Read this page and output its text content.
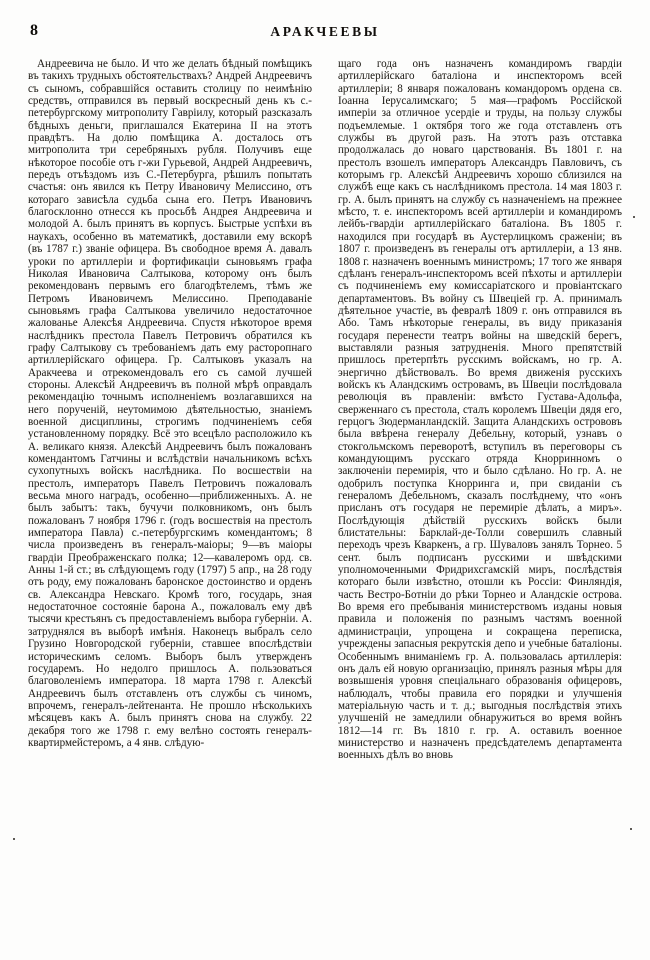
8	АРАКЧЕЕВЫ

Андреевича не было. И что же делать бѣдный помѣщикъ въ такихъ трудныхъ обстоятельствахъ? Андрей Андреевичъ съ сыномъ, собравшійся оставить столицу по неимѣнію средствъ, отправился въ первый воскресный день къ с.-петербургскому митрополиту Гавріилу, который разсказалъ бѣдныхъ деньги, приглашался Екатерина II на этотъ правдѣтъ. На долю помѣщика А. досталось отъ митрополита три серебряныхъ рубля. Получивъ еще нѣкоторое пособіе отъ г-жи Гурьевой, Андрей Андреевичъ, передъ отъѣздомъ изъ С.-Петербурга, рѣшилъ попытать счастья: онъ явился къ Петру Ивановичу Мелиссино, отъ котораго зависѣла судьба сына его. Петръ Ивановичъ благосклонно отнесся къ просьбѣ Андрея Андреевича и молодой А. былъ принятъ въ корпусъ. Быстрые успѣхи въ наукахъ, особенно въ математикѣ, доставили ему вскорѣ (въ 1787 г.) званіе офицера. Въ свободное время А. давалъ уроки по артиллеріи и фортификаціи сыновьямъ графа Николая Ивановича Салтыкова, которому онъ былъ рекомендованъ первымъ его благодѣтелемъ, тѣмъ же Петромъ Ивановичемъ Мелиссино. Преподаваніе сыновьямъ графа Салтыкова увеличило недостаточное жалованье Алексѣя Андреевича. Спустя нѣкоторое время наслѣдникъ престола Павелъ Петровичъ обратился къ графу Салтыкову съ требованіемъ дать ему расторопнаго артиллерійскаго офицера. Гр. Салтыковъ указалъ на Аракчеева и отрекомендовалъ его съ самой лучшей стороны. Алексѣй Андреевичъ въ полной мѣрѣ оправдалъ рекомендацію точнымъ исполненіемъ возлагавшихся на него порученій, неутомимою дѣятельностью, знаніемъ военной дисциплины, строгимъ подчиненіемъ себя установленному порядку. Всё это всецѣло расположило къ А. великаго князя. Алексѣй Андреевичъ былъ пожалованъ комендантомъ Гатчины и вслѣдствіи начальникомъ всѣхъ сухопутныхъ войскъ наслѣдника. По восшествіи на престолъ, императоръ Павелъ Петровичъ пожаловалъ весьма много наградъ, особенно—приближенныхъ. А. не былъ забытъ: такъ, бучучи полковникомъ, онъ былъ пожалованъ 7 ноября 1796 г. (годъ восшествія на престолъ императора Павла) с.-петербургскимъ комендантомъ; 8 числа произведенъ въ генералъ-маіоры; 9—въ маіоры гвардіи Преображенскаго полка; 12—кавалеромъ орд. св. Анны 1-й ст.; въ слѣдующемъ году (1797) 5 апр., на 28 году отъ роду, ему пожалованъ баронское достоинство и орденъ св. Александра Невскаго. Кромѣ того, государь, зная недостаточное состояніе барона А., пожаловалъ ему двѣ тысячи крестьянъ съ предоставленіемъ выбора губерніи. А. затруднялся въ выборѣ имѣнія. Наконецъ выбралъ село Грузино Новгородской губерніи, ставшее впослѣдствіи историческимъ селомъ. Выборъ былъ утвержденъ государемъ. Но недолго пришлось А. пользоваться благоволеніемъ императора. 18 марта 1798 г. Алексѣй Андреевичъ былъ отставленъ отъ службы съ чиномъ, впрочемъ, генералъ-лейтенанта. Не прошло нѣсколькихъ мѣсяцевъ какъ А. былъ принятъ снова на службу. 22 декабря того же 1798 г. ему велѣно состоять генералъ-квартирмейстеромъ, а 4 янв. слѣдую-

щаго года онъ назначенъ командиромъ гвардіи артиллерійскаго баталіона и инспекторомъ всей артиллеріи; 8 января пожалованъ командоромъ ордена св. Іоанна Іерусалимскаго; 5 мая—графомъ Россійской имперіи за отличное усердіе и труды, на пользу службы подъемлемые. 1 октября того же года отставленъ отъ службы въ другой разъ. На этотъ разъ отставка продолжалась до новаго царствованія. Въ 1801 г. на престолъ взошелъ императоръ Александръ Павловичъ, съ которымъ гр. Алексѣй Андреевичъ хорошо сблизился на службѣ еще какъ съ наслѣдникомъ престола. 14 мая 1803 г. гр. А. былъ принятъ на службу съ назначеніемъ на прежнее мѣсто, т. е. инспекторомъ всей артиллеріи и командиромъ лейбъ-гвардіи артиллерійскаго баталіона. Въ 1805 г. находился при государѣ въ Аустерлицкомъ сраженіи; въ 1807 г. произведенъ въ генералы отъ артиллеріи, а 13 янв. 1808 г. назначенъ военнымъ министромъ; 17 того же января сдѣланъ генералъ-инспекторомъ всей пѣхоты и артиллеріи съ подчиненіемъ ему комиссаріатского и провіантскаго департаментовъ. Въ войну съ Швеціей гр. А. принималъ дѣятельное участіе, въ февралѣ 1809 г. онъ отправился въ Або. Тамъ нѣкоторые генералы, въ виду приказанія государя перенести театръ войны на шведскій берегъ, выставляли разныя затрудненія. Много препятствій пришлось претерпѣть русскимъ войскамъ, но гр. А. энергично дѣйствовалъ. Во время движенія русскихъ войскъ къ Аландскимъ островамъ, въ Швеціи послѣдовала революція въ правленіи: вмѣсто Густава-Адольфа, сверженнаго съ престола, сталъ королемъ Швеціи дядя его, герцогъ Зюдерманландскій. Защита Аландскихъ острововъ была ввѣрена генералу Дебельну, который, узнавъ о стокгольмскомъ переворотѣ, вступилъ въ переговоры съ командующимъ русскаго отряда Кнорринномъ о заключеніи перемирія, что и было сдѣлано. Но гр. А. не одобрилъ поступка Кнорринга и, при свиданіи съ генераломъ Дебельномъ, сказалъ послѣднему, что «онъ присланъ отъ государя не перемиріе дѣлать, а миръ». Послѣдующія дѣйствій русскихъ войскъ были блистательны: Барклай-де-Толли совершилъ славный переходъ чрезъ Кваркенъ, а гр. Шуваловъ занялъ Торнео. 5 сент. былъ подписанъ русскими и швѣдскими уполномоченными Фридрихсгамскій миръ, послѣдствія котораго были извѣстно, отошли къ Россіи: Финляндія, часть Вестро-Ботніи до рѣки Торнео и Аландскіе острова. Во время его пребыванія министерствомъ изданы новыя правила и положенія по разнымъ частямъ военной администраціи, упрощена и сокращена переписка, учреждены запасныя рекрутскія депо и учебные баталіоны. Особеннымъ вниманіемъ гр. А. пользовалась артиллерія: онъ далъ ей новую организацію, принялъ разныя мѣры для возвышенія уровня спеціальнаго образованія офицеровъ, наблюдалъ, чтобы правила его порядки и улучшенія матеріальную часть и т. д.; выгодныя послѣдствія этихъ улучшеній не замедлили обнаружиться во время войнъ 1812—14 гг. Въ 1810 г. гр. А. оставилъ военное министерство и назначенъ предсѣдателемъ департамента военныхъ дѣлъ во вновь
